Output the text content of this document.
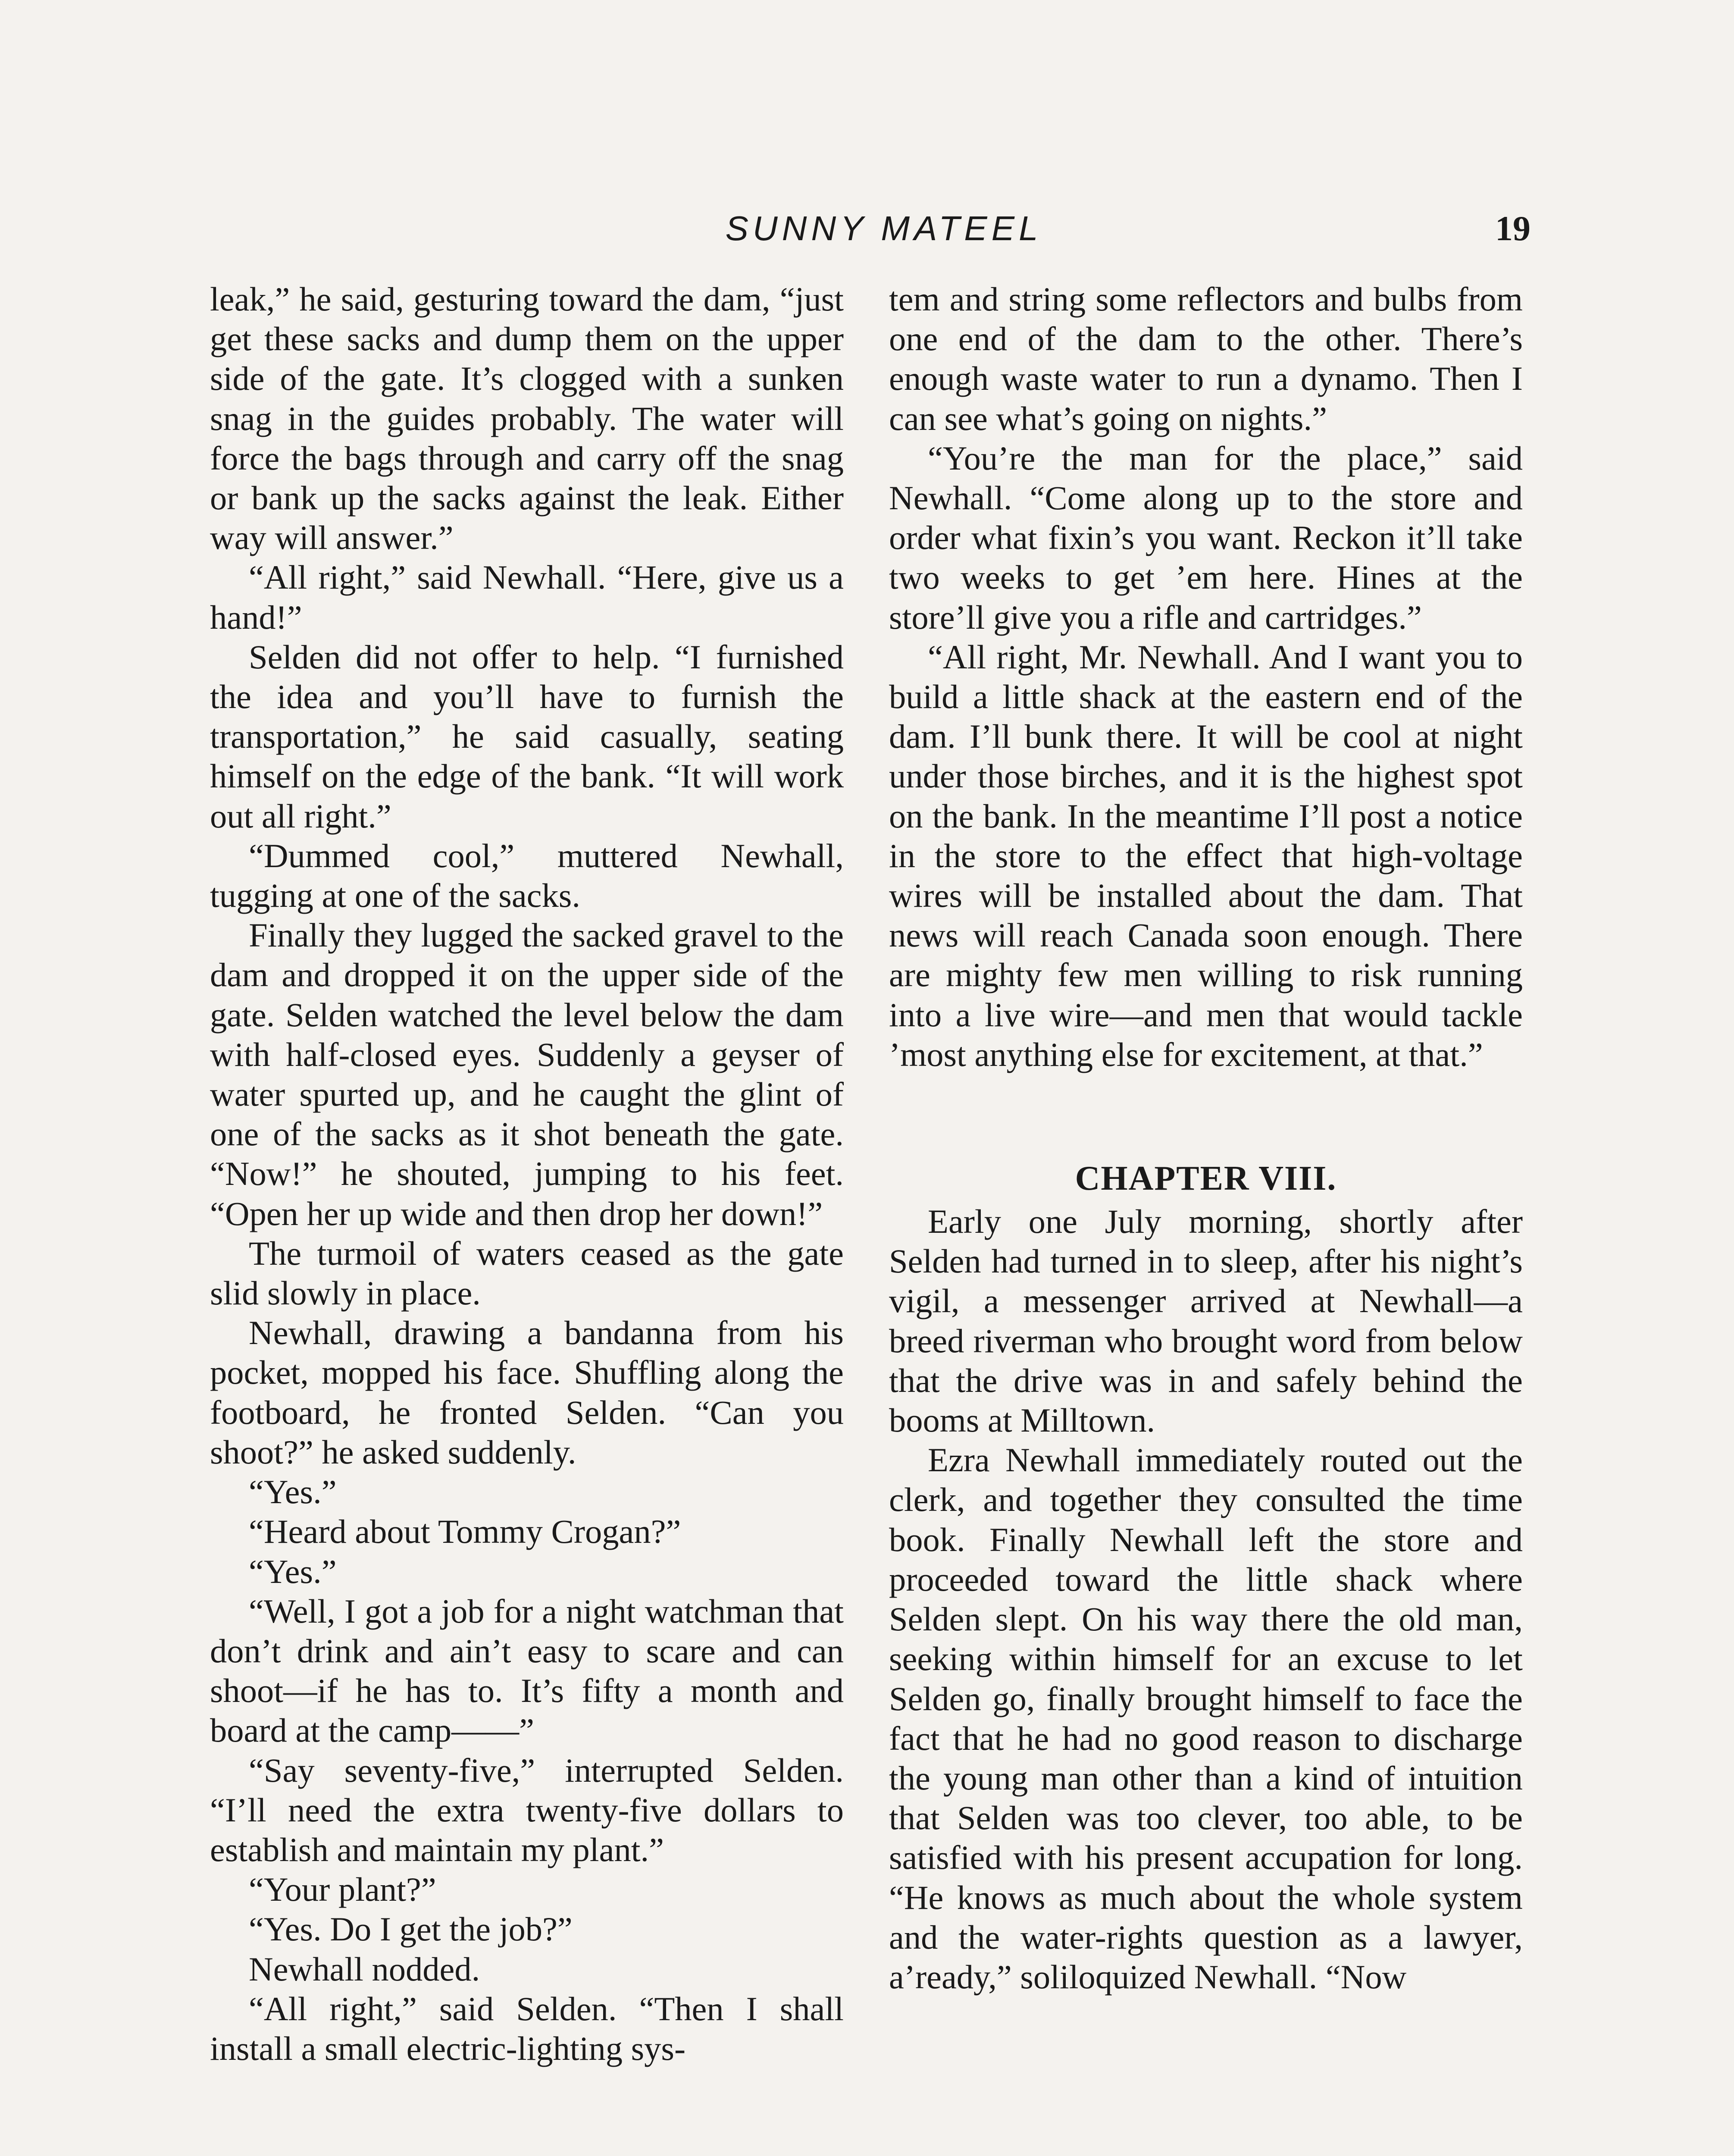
SUNNY MATEEL	19

leak,” he said, gesturing toward the dam, “just get these sacks and dump them on the upper side of the gate. It’s clogged with a sunken snag in the guides probably. The water will force the bags through and carry off the snag or bank up the sacks against the leak. Either way will answer.”

“All right,” said Newhall. “Here, give us a hand!”

Selden did not offer to help. “I furnished the idea and you’ll have to furnish the transportation,” he said casually, seating himself on the edge of the bank. “It will work out all right.”

“Dummed cool,” muttered Newhall, tugging at one of the sacks.

Finally they lugged the sacked gravel to the dam and dropped it on the upper side of the gate. Selden watched the level below the dam with half-closed eyes. Suddenly a geyser of water spurted up, and he caught the glint of one of the sacks as it shot beneath the gate. “Now!” he shouted, jumping to his feet. “Open her up wide and then drop her down!”

The turmoil of waters ceased as the gate slid slowly in place.

Newhall, drawing a bandanna from his pocket, mopped his face. Shuffling along the footboard, he fronted Selden. “Can you shoot?” he asked suddenly.

“Yes.”

“Heard about Tommy Crogan?”

“Yes.”

“Well, I got a job for a night watchman that don’t drink and ain’t easy to scare and can shoot—if he has to. It’s fifty a month and board at the camp——”

“Say seventy-five,” interrupted Selden. “I’ll need the extra twenty-five dollars to establish and maintain my plant.”

“Your plant?”

“Yes. Do I get the job?”

Newhall nodded.

“All right,” said Selden. “Then I shall install a small electric-lighting sys-

tem and string some reflectors and bulbs from one end of the dam to the other. There’s enough waste water to run a dynamo. Then I can see what’s going on nights.”

“You’re the man for the place,” said Newhall. “Come along up to the store and order what fixin’s you want. Reckon it’ll take two weeks to get ’em here. Hines at the store’ll give you a rifle and cartridges.”

“All right, Mr. Newhall. And I want you to build a little shack at the eastern end of the dam. I’ll bunk there. It will be cool at night under those birches, and it is the highest spot on the bank. In the meantime I’ll post a notice in the store to the effect that high-voltage wires will be installed about the dam. That news will reach Canada soon enough. There are mighty few men willing to risk running into a live wire—and men that would tackle ’most anything else for excitement, at that.”

CHAPTER VIII.

Early one July morning, shortly after Selden had turned in to sleep, after his night’s vigil, a messenger arrived at Newhall—a breed riverman who brought word from below that the drive was in and safely behind the booms at Milltown.

Ezra Newhall immediately routed out the clerk, and together they consulted the time book. Finally Newhall left the store and proceeded toward the little shack where Selden slept. On his way there the old man, seeking within himself for an excuse to let Selden go, finally brought himself to face the fact that he had no good reason to discharge the young man other than a kind of intuition that Selden was too clever, too able, to be satisfied with his present accupation for long. “He knows as much about the whole system and the water-rights question as a lawyer, a’ready,” soliloquized Newhall. “Now
